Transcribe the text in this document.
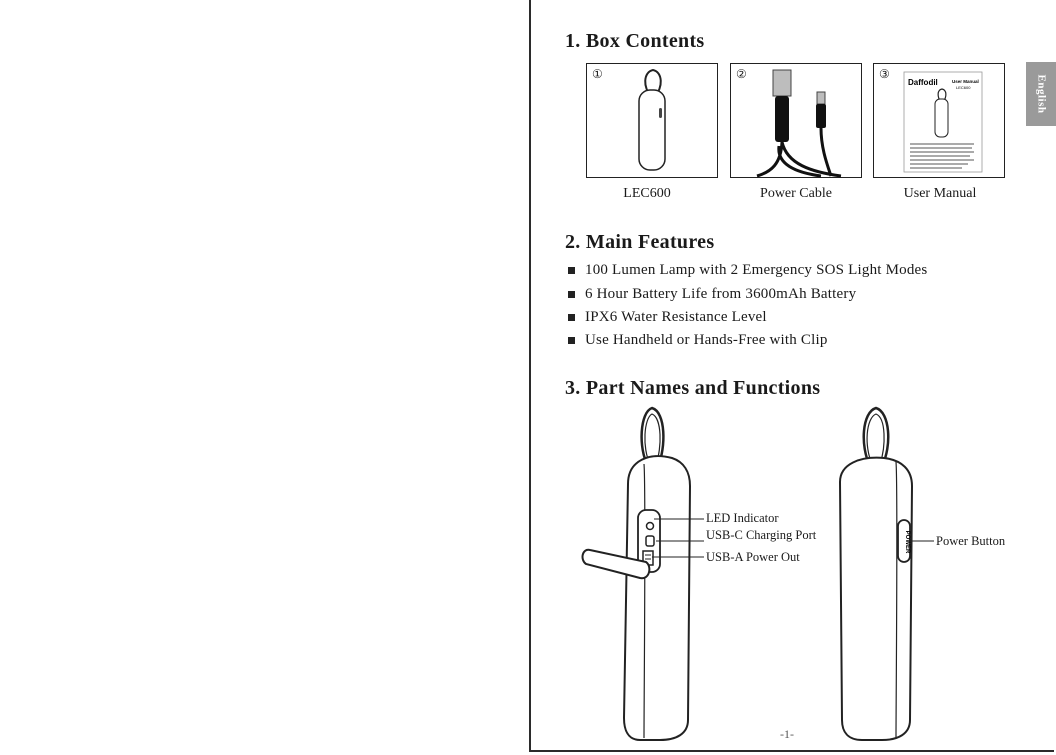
English
1. Box Contents
①	②	③
Daffodil	User Manual
LEC600
LEC600	Power Cable	User Manual
2. Main Features
100 Lumen Lamp with 2 Emergency SOS Light Modes
6 Hour Battery Life from 3600mAh Battery
IPX6 Water Resistance Level
Use Handheld or Hands-Free with Clip
3. Part Names and Functions
LED Indicator
USB-C Charging Port
USB-A Power Out
POWER Power Button
-1-
